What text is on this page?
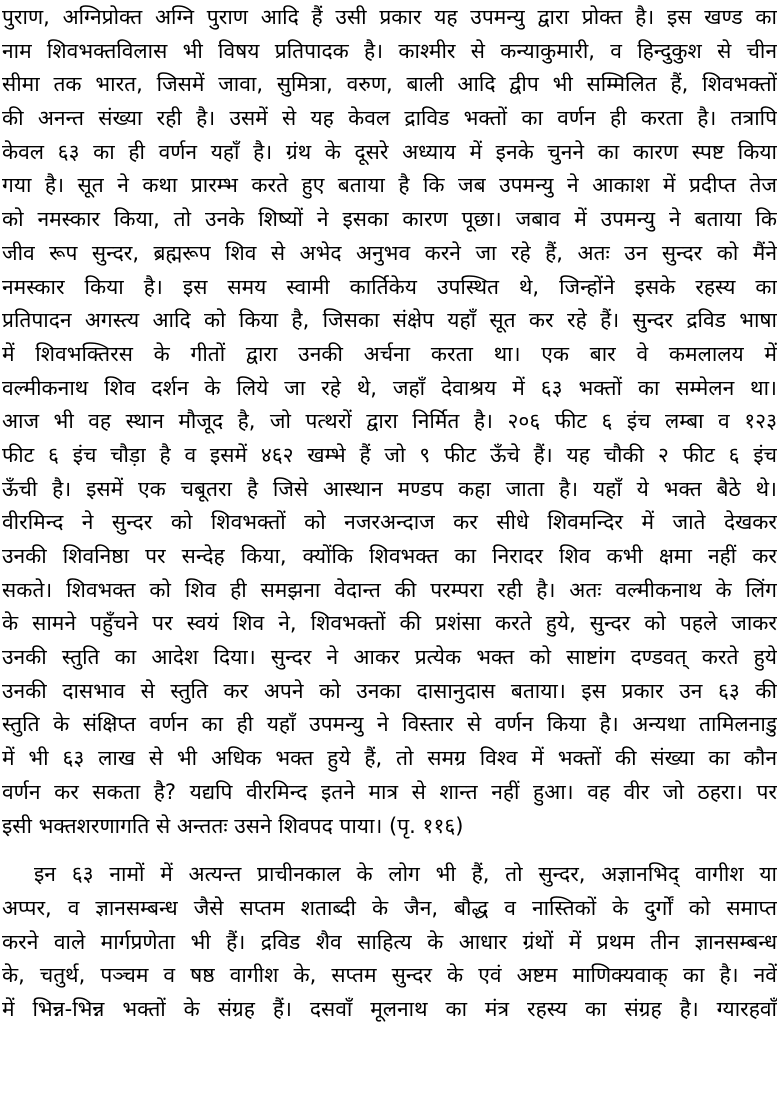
पुराण, अग्निप्रोक्त अग्नि पुराण आदि हैं उसी प्रकार यह उपमन्यु द्वारा प्रोक्त है। इस खण्ड का
नाम शिवभक्तविलास भी विषय प्रतिपादक है। काश्मीर से कन्याकुमारी, व हिन्दुकुश से चीन
सीमा तक भारत, जिसमें जावा, सुमित्रा, वरुण, बाली आदि द्वीप भी सम्मिलित हैं, शिवभक्तों
की अनन्त संख्या रही है। उसमें से यह केवल द्राविड भक्तों का वर्णन ही करता है। तत्रापि
केवल ६३ का ही वर्णन यहाँ है। ग्रंथ के दूसरे अध्याय में इनके चुनने का कारण स्पष्ट किया
गया है। सूत ने कथा प्रारम्भ करते हुए बताया है कि जब उपमन्यु ने आकाश में प्रदीप्त तेज
को नमस्कार किया, तो उनके शिष्यों ने इसका कारण पूछा। जबाव में उपमन्यु ने बताया कि
जीव रूप सुन्दर, ब्रह्मरूप शिव से अभेद अनुभव करने जा रहे हैं, अतः उन सुन्दर को मैंने
नमस्कार किया है। इस समय स्वामी कार्तिकेय उपस्थित थे, जिन्होंने इसके रहस्य का
प्रतिपादन अगस्त्य आदि को किया है, जिसका संक्षेप यहाँ सूत कर रहे हैं। सुन्दर द्रविड भाषा
में शिवभक्तिरस के गीतों द्वारा उनकी अर्चना करता था। एक बार वे कमलालय में
वल्मीकनाथ शिव दर्शन के लिये जा रहे थे, जहाँ देवाश्रय में ६३ भक्तों का सम्मेलन था।
आज भी वह स्थान मौजूद है, जो पत्थरों द्वारा निर्मित है। २०६ फीट ६ इंच लम्बा व १२३
फीट ६ इंच चौड़ा है व इसमें ४६२ खम्भे हैं जो ९ फीट ऊँचे हैं। यह चौकी २ फीट ६ इंच
ऊँची है। इसमें एक चबूतरा है जिसे आस्थान मण्डप कहा जाता है। यहाँ ये भक्त बैठे थे।
वीरमिन्द ने सुन्दर को शिवभक्तों को नजरअन्दाज कर सीधे शिवमन्दिर में जाते देखकर
उनकी शिवनिष्ठा पर सन्देह किया, क्योंकि शिवभक्त का निरादर शिव कभी क्षमा नहीं कर
सकते। शिवभक्त को शिव ही समझना वेदान्त की परम्परा रही है। अतः वल्मीकनाथ के लिंग
के सामने पहुँचने पर स्वयं शिव ने, शिवभक्तों की प्रशंसा करते हुये, सुन्दर को पहले जाकर
उनकी स्तुति का आदेश दिया। सुन्दर ने आकर प्रत्येक भक्त को साष्टांग दण्डवत् करते हुये
उनकी दासभाव से स्तुति कर अपने को उनका दासानुदास बताया। इस प्रकार उन ६३ की
स्तुति के संक्षिप्त वर्णन का ही यहाँ उपमन्यु ने विस्तार से वर्णन किया है। अन्यथा तामिलनाडु
में भी ६३ लाख से भी अधिक भक्त हुये हैं, तो समग्र विश्व में भक्तों की संख्या का कौन
वर्णन कर सकता है? यद्यपि वीरमिन्द इतने मात्र से शान्त नहीं हुआ। वह वीर जो ठहरा। पर
इसी भक्तशरणागति से अन्ततः उसने शिवपद पाया। (पृ. ११६)
इन ६३ नामों में अत्यन्त प्राचीनकाल के लोग भी हैं, तो सुन्दर, अज्ञानभिद् वागीश या
अप्पर, व ज्ञानसम्बन्ध जैसे सप्तम शताब्दी के जैन, बौद्ध व नास्तिकों के दुर्गों को समाप्त
करने वाले मार्गप्रणेता भी हैं। द्रविड शैव साहित्य के आधार ग्रंथों में प्रथम तीन ज्ञानसम्बन्ध
के, चतुर्थ, पञ्चम व षष्ठ वागीश के, सप्तम सुन्दर के एवं अष्टम माणिक्यवाक् का है। नवें
में भिन्न-भिन्न भक्तों के संग्रह हैं। दसवाँ मूलनाथ का मंत्र रहस्य का संग्रह है। ग्यारहवाँ
